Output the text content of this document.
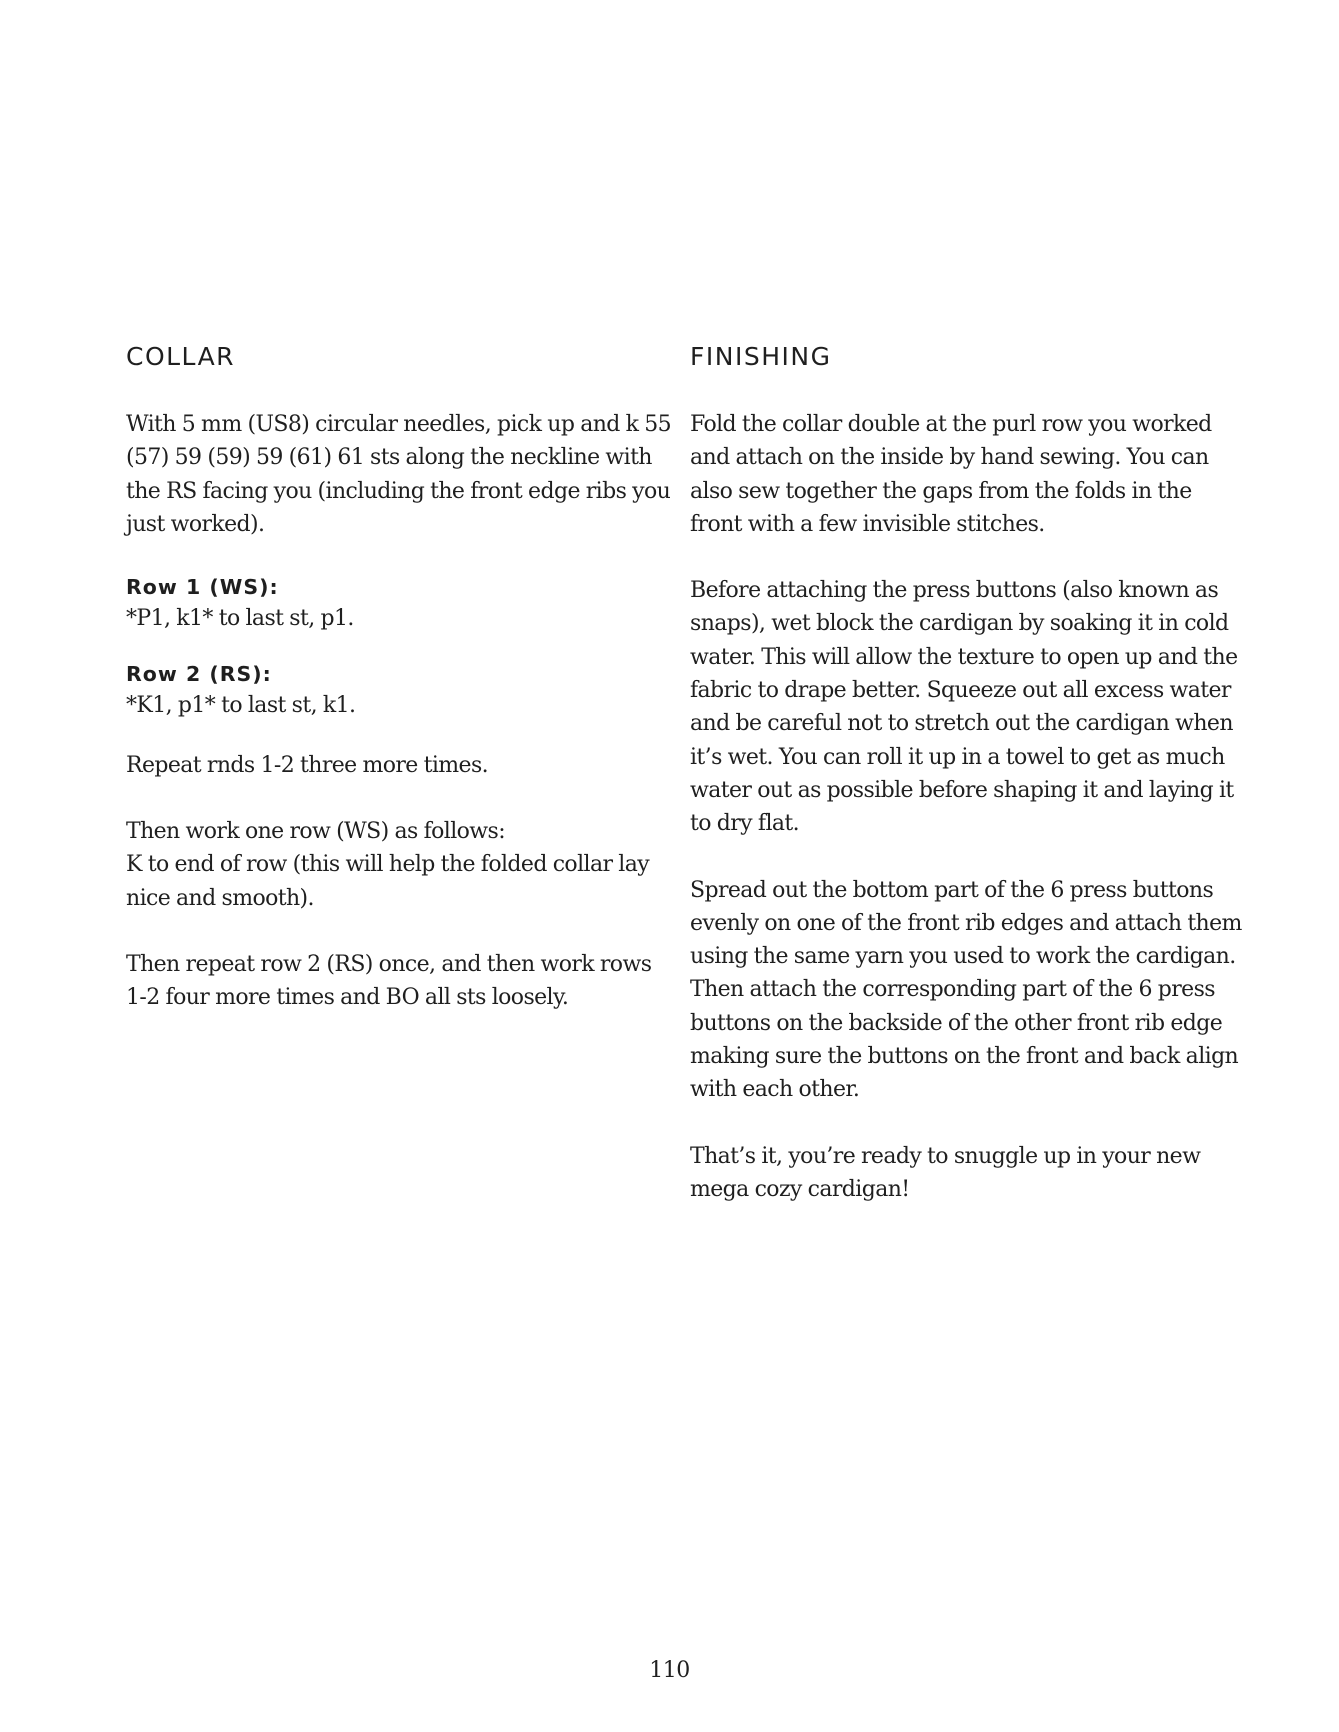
COLLAR

With 5 mm (US8) circular needles, pick up and k 55
(57) 59 (59) 59 (61) 61 sts along the neckline with
the RS facing you (including the front edge ribs you
just worked).

Row 1 (WS):
*P1, k1* to last st, p1.
Row 2 (RS):
*K1, p1* to last st, k1.

Repeat rnds 1-2 three more times.

Then work one row (WS) as follows:
K to end of row (this will help the folded collar lay
nice and smooth).

Then repeat row 2 (RS) once, and then work rows
1-2 four more times and BO all sts loosely.

FINISHING

Fold the collar double at the purl row you worked
and attach on the inside by hand sewing. You can
also sew together the gaps from the folds in the
front with a few invisible stitches.

Before attaching the press buttons (also known as
snaps), wet block the cardigan by soaking it in cold
water. This will allow the texture to open up and the
fabric to drape better. Squeeze out all excess water
and be careful not to stretch out the cardigan when
it’s wet. You can roll it up in a towel to get as much
water out as possible before shaping it and laying it
to dry flat.

Spread out the bottom part of the 6 press buttons
evenly on one of the front rib edges and attach them
using the same yarn you used to work the cardigan.
Then attach the corresponding part of the 6 press
buttons on the backside of the other front rib edge
making sure the buttons on the front and back align
with each other.

That’s it, you’re ready to snuggle up in your new
mega cozy cardigan!

110
